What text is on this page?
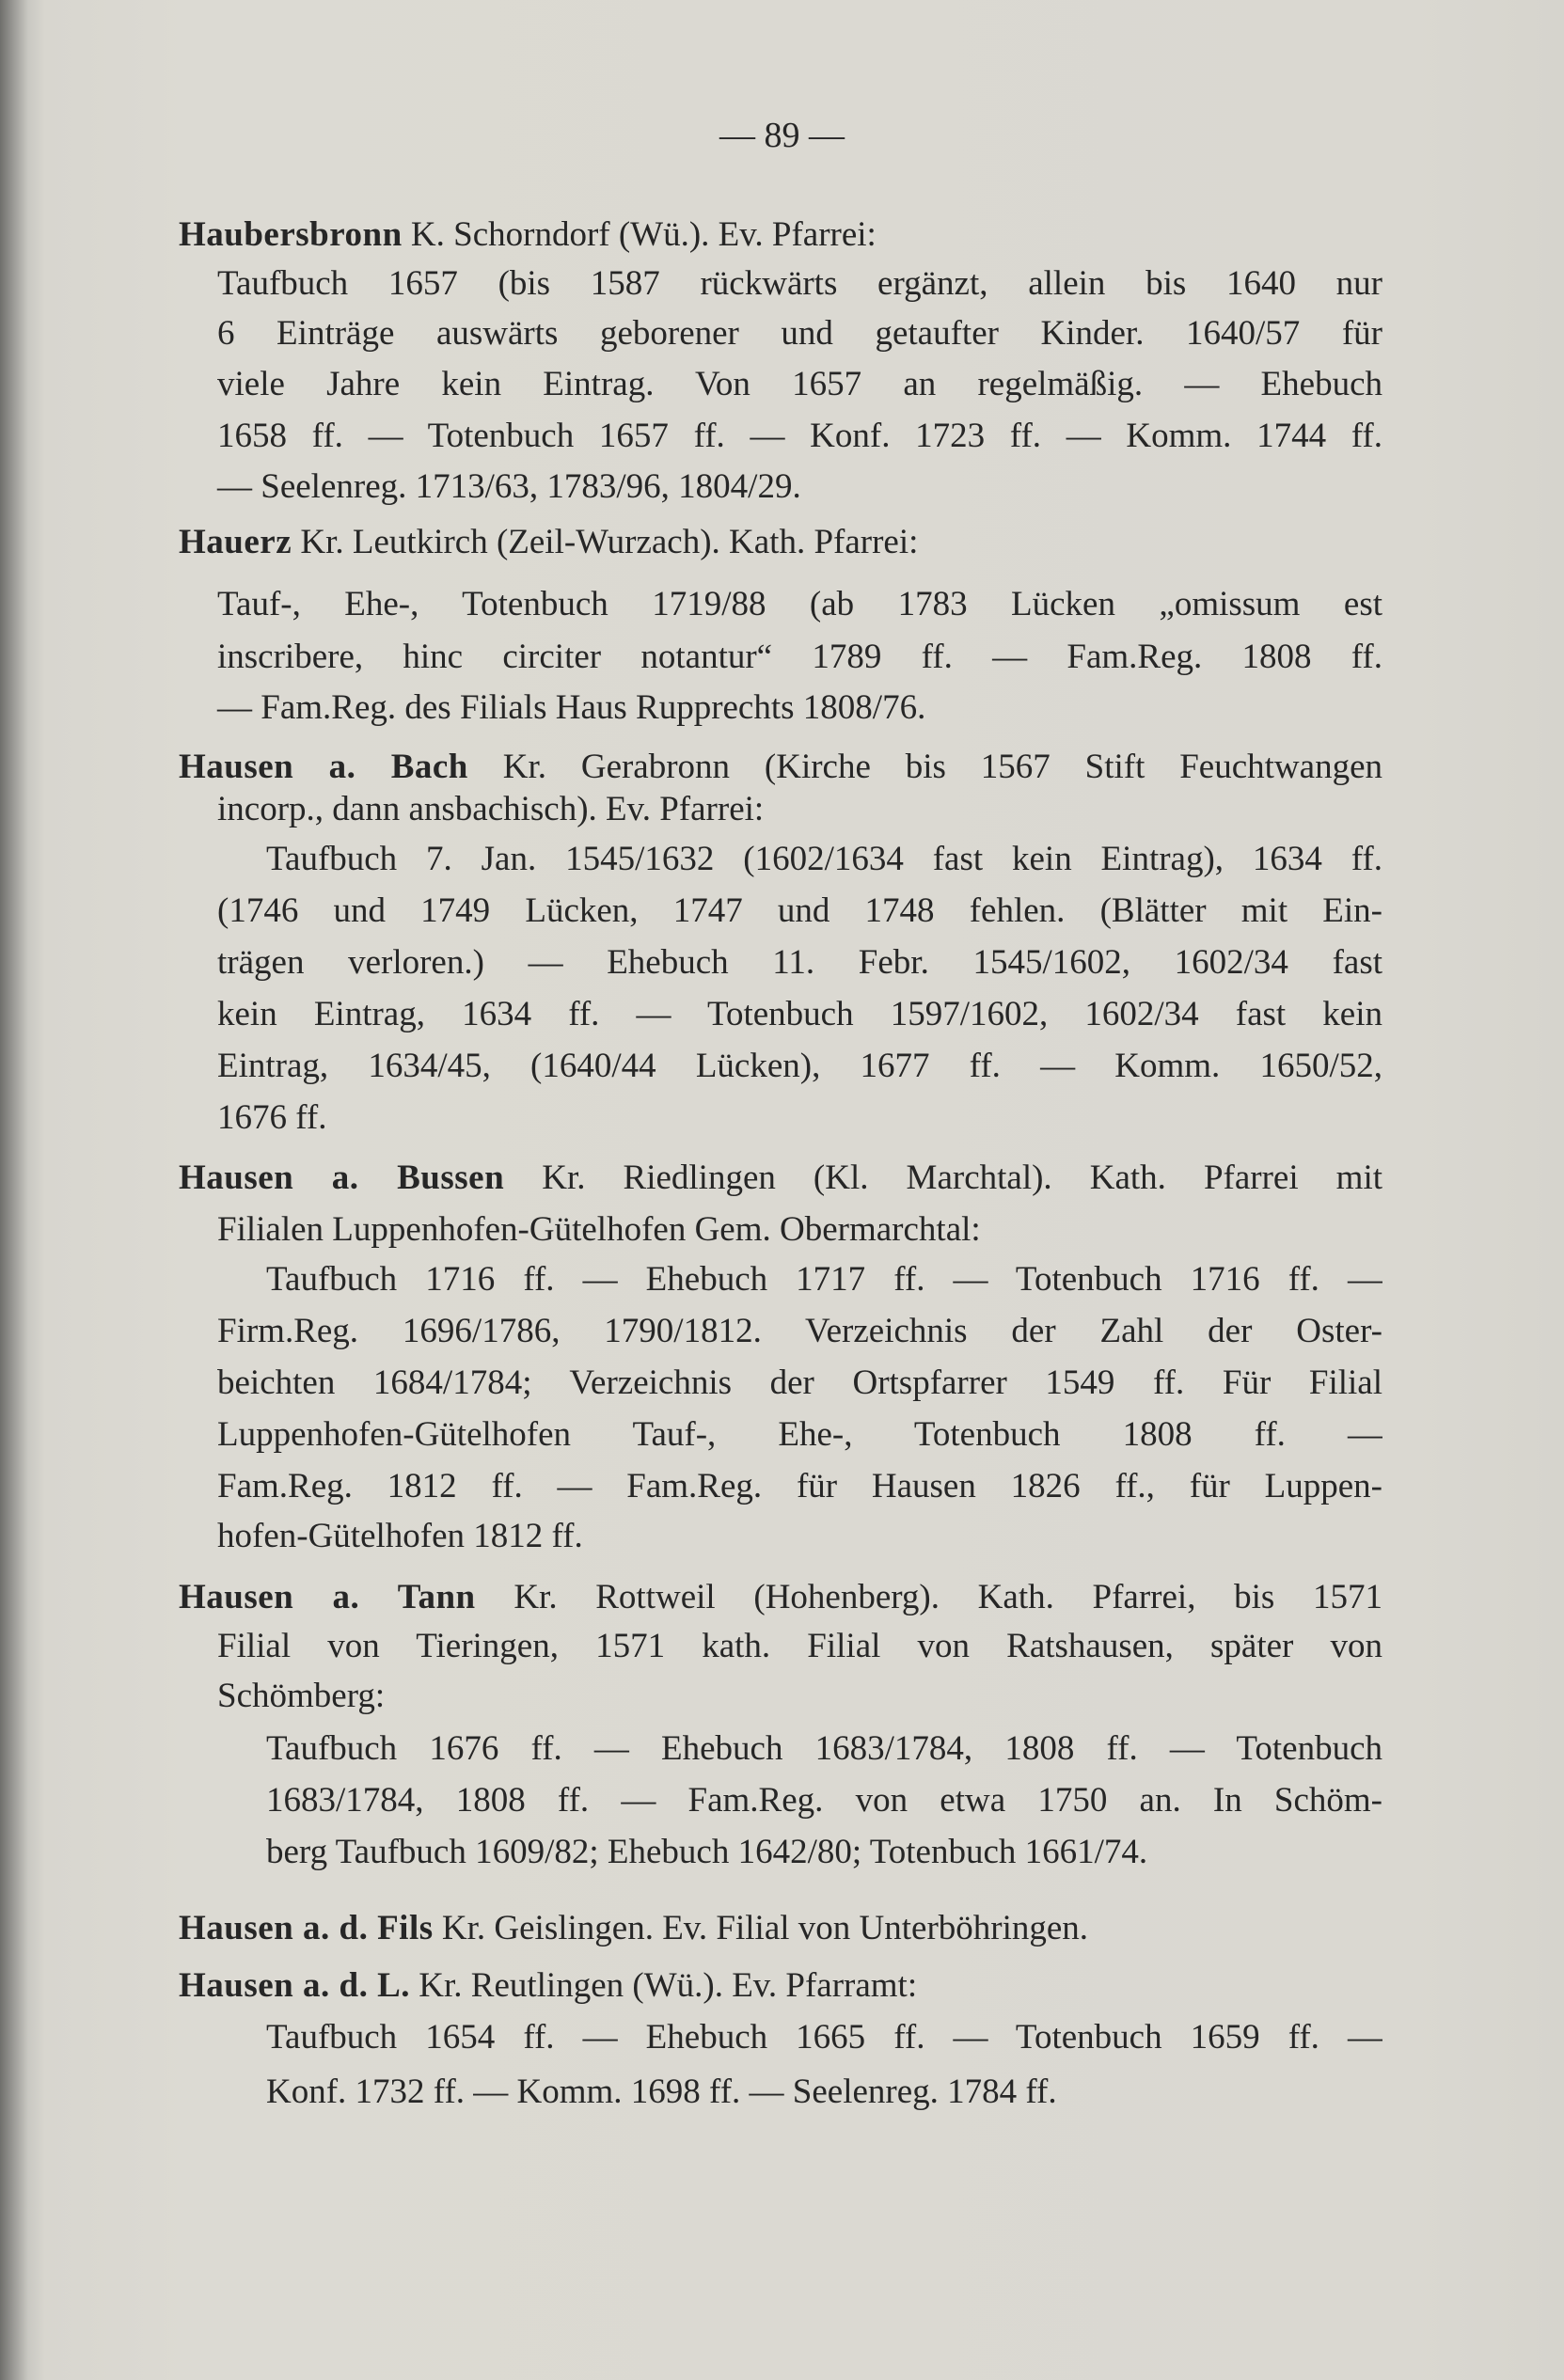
— 89 —
Haubersbronn K. Schorndorf (Wü.). Ev. Pfarrei:
Taufbuch 1657 (bis 1587 rückwärts ergänzt, allein bis 1640 nur
6 Einträge auswärts geborener und getaufter Kinder. 1640/57 für
viele Jahre kein Eintrag. Von 1657 an regelmäßig. — Ehebuch
1658 ff. — Totenbuch 1657 ff. — Konf. 1723 ff. — Komm. 1744 ff.
— Seelenreg. 1713/63, 1783/96, 1804/29.
Hauerz Kr. Leutkirch (Zeil-Wurzach). Kath. Pfarrei:
Tauf-, Ehe-, Totenbuch 1719/88 (ab 1783 Lücken „omissum est
inscribere, hinc circiter notantur“ 1789 ff. — Fam.Reg. 1808 ff.
— Fam.Reg. des Filials Haus Rupprechts 1808/76.
Hausen a. Bach Kr. Gerabronn (Kirche bis 1567 Stift Feuchtwangen
incorp., dann ansbachisch). Ev. Pfarrei:
Taufbuch 7. Jan. 1545/1632 (1602/1634 fast kein Eintrag), 1634 ff.
(1746 und 1749 Lücken, 1747 und 1748 fehlen. (Blätter mit Ein-
trägen verloren.) — Ehebuch 11. Febr. 1545/1602, 1602/34 fast
kein Eintrag, 1634 ff. — Totenbuch 1597/1602, 1602/34 fast kein
Eintrag, 1634/45, (1640/44 Lücken), 1677 ff. — Komm. 1650/52,
1676 ff.
Hausen a. Bussen Kr. Riedlingen (Kl. Marchtal). Kath. Pfarrei mit
Filialen Luppenhofen-Gütelhofen Gem. Obermarchtal:
Taufbuch 1716 ff. — Ehebuch 1717 ff. — Totenbuch 1716 ff. —
Firm.Reg. 1696/1786, 1790/1812. Verzeichnis der Zahl der Oster-
beichten 1684/1784; Verzeichnis der Ortspfarrer 1549 ff. Für Filial
Luppenhofen-Gütelhofen Tauf-, Ehe-, Totenbuch 1808 ff. —
Fam.Reg. 1812 ff. — Fam.Reg. für Hausen 1826 ff., für Luppen-
hofen-Gütelhofen 1812 ff.
Hausen a. Tann Kr. Rottweil (Hohenberg). Kath. Pfarrei, bis 1571
Filial von Tieringen, 1571 kath. Filial von Ratshausen, später von
Schömberg:
Taufbuch 1676 ff. — Ehebuch 1683/1784, 1808 ff. — Totenbuch
1683/1784, 1808 ff. — Fam.Reg. von etwa 1750 an. In Schöm-
berg Taufbuch 1609/82; Ehebuch 1642/80; Totenbuch 1661/74.
Hausen a. d. Fils Kr. Geislingen. Ev. Filial von Unterböhringen.
Hausen a. d. L. Kr. Reutlingen (Wü.). Ev. Pfarramt:
Taufbuch 1654 ff. — Ehebuch 1665 ff. — Totenbuch 1659 ff. —
Konf. 1732 ff. — Komm. 1698 ff. — Seelenreg. 1784 ff.
